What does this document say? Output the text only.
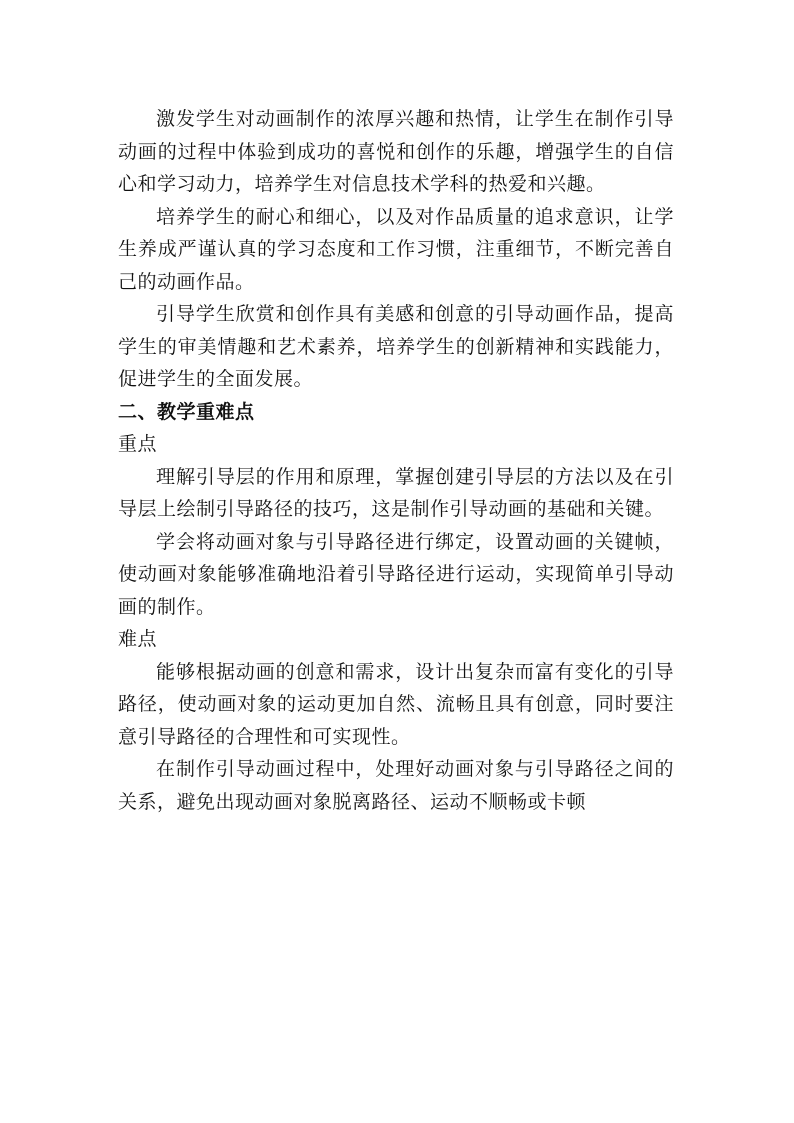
激发学生对动画制作的浓厚兴趣和热情，让学生在制作引导动画的过程中体验到成功的喜悦和创作的乐趣，增强学生的自信心和学习动力，培养学生对信息技术学科的热爱和兴趣。

培养学生的耐心和细心，以及对作品质量的追求意识，让学生养成严谨认真的学习态度和工作习惯，注重细节，不断完善自己的动画作品。

引导学生欣赏和创作具有美感和创意的引导动画作品，提高学生的审美情趣和艺术素养，培养学生的创新精神和实践能力，促进学生的全面发展。

二、教学重难点

重点

理解引导层的作用和原理，掌握创建引导层的方法以及在引导层上绘制引导路径的技巧，这是制作引导动画的基础和关键。

学会将动画对象与引导路径进行绑定，设置动画的关键帧，使动画对象能够准确地沿着引导路径进行运动，实现简单引导动画的制作。

难点

能够根据动画的创意和需求，设计出复杂而富有变化的引导路径，使动画对象的运动更加自然、流畅且具有创意，同时要注意引导路径的合理性和可实现性。

在制作引导动画过程中，处理好动画对象与引导路径之间的关系，避免出现动画对象脱离路径、运动不顺畅或卡顿
